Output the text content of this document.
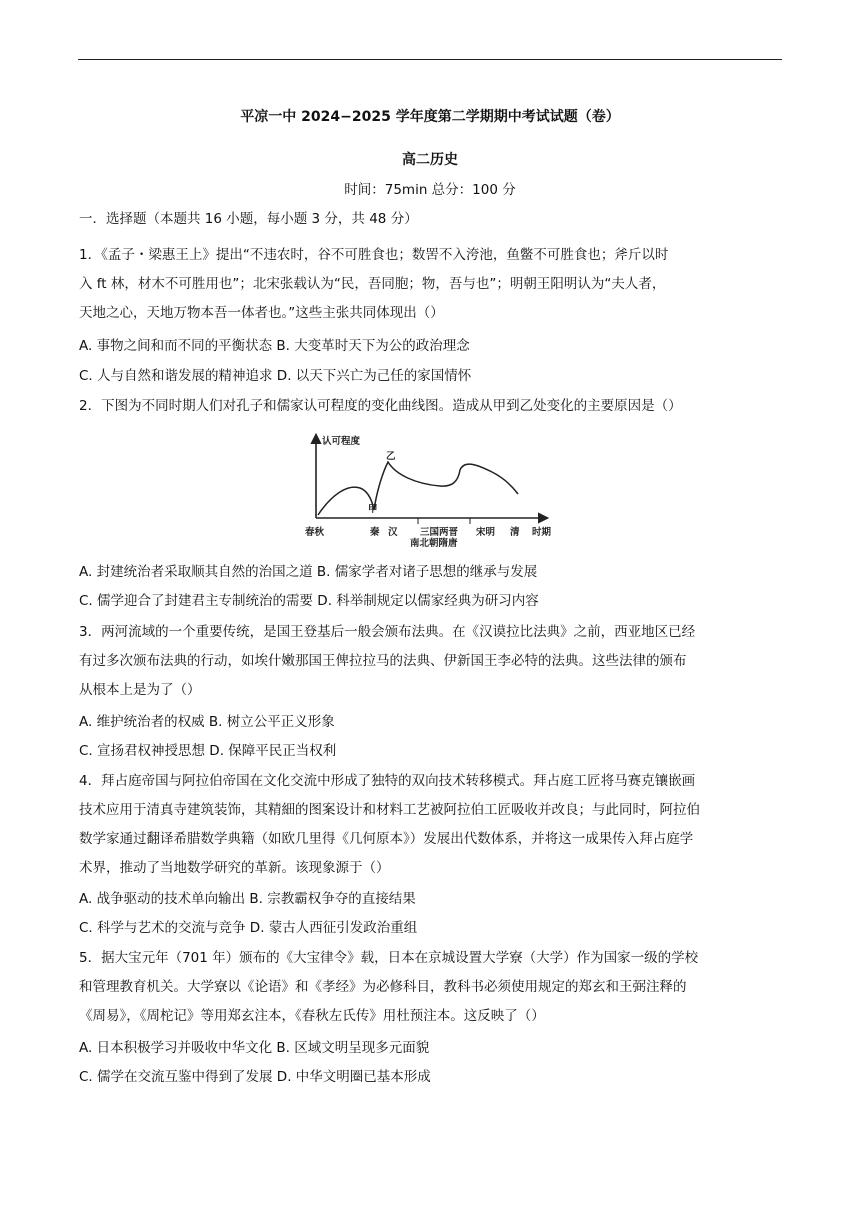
平凉一中 2024−2025 学年度第二学期期中考试试题（卷）
高二历史
时间：75min 总分：100 分
一．选择题（本题共 16 小题，每小题 3 分，共 48 分）
1．《孟子・梁惠王上》提出“不违农时，谷不可胜食也；数罟不入洿池，鱼鳖不可胜食也；斧斤以时
入 ft 林，材木不可胜用也”；北宋张载认为“民，吾同胞；物，吾与也”；明朝王阳明认为“夫人者，
天地之心，天地万物本吾一体者也。”这些主张共同体现出（）
A. 事物之间和而不同的平衡状态 B. 大变革时天下为公的政治理念
C. 人与自然和谐发展的精神追求 D. 以天下兴亡为己任的家国情怀
2．下图为不同时期人们对孔子和儒家认可程度的变化曲线图。造成从甲到乙处变化的主要原因是（）
认可程度
时期
甲
乙
春秋	秦 汉 三国两晋
南北朝隋唐
宋明 清
A. 封建统治者采取顺其自然的治国之道 B. 儒家学者对诸子思想的继承与发展
C. 儒学迎合了封建君主专制统治的需要 D. 科举制规定以儒家经典为研习内容
3．两河流域的一个重要传统，是国王登基后一般会颁布法典。在《汉谟拉比法典》之前，西亚地区已经
有过多次颁布法典的行动，如埃什嫩那国王俾拉拉马的法典、伊新国王李必特的法典。这些法律的颁布
从根本上是为了（）
A. 维护统治者的权威 B. 树立公平正义形象
C. 宣扬君权神授思想 D. 保障平民正当权利
4．拜占庭帝国与阿拉伯帝国在文化交流中形成了独特的双向技术转移模式。拜占庭工匠将马赛克镶嵌画
技术应用于清真寺建筑装饰，其精細的图案设计和材料工艺被阿拉伯工匠吸收并改良；与此同时，阿拉伯
数学家通过翻译希腊数学典籍（如欧几里得《几何原本》）发展出代数体系，并将这一成果传入拜占庭学
术界，推动了当地数学研究的革新。该现象源于（）
A. 战争驱动的技术单向输出 B. 宗教霸权争夺的直接结果
C. 科学与艺术的交流与竞争 D. 蒙古人西征引发政治重组
5．据大宝元年（701 年）颁布的《大宝律令》载，日本在京城设置大学寮（大学）作为国家一级的学校
和管理教育机关。大学寮以《论语》和《孝经》为必修科目，教科书必须使用规定的郑玄和王弼注释的
《周易》，《周柁记》等用郑玄注本，《春秋左氏传》用杜预注本。这反映了（）
A. 日本积极学习并吸收中华文化 B. 区域文明呈现多元面貌
C. 儒学在交流互鉴中得到了发展 D. 中华文明圈已基本形成
